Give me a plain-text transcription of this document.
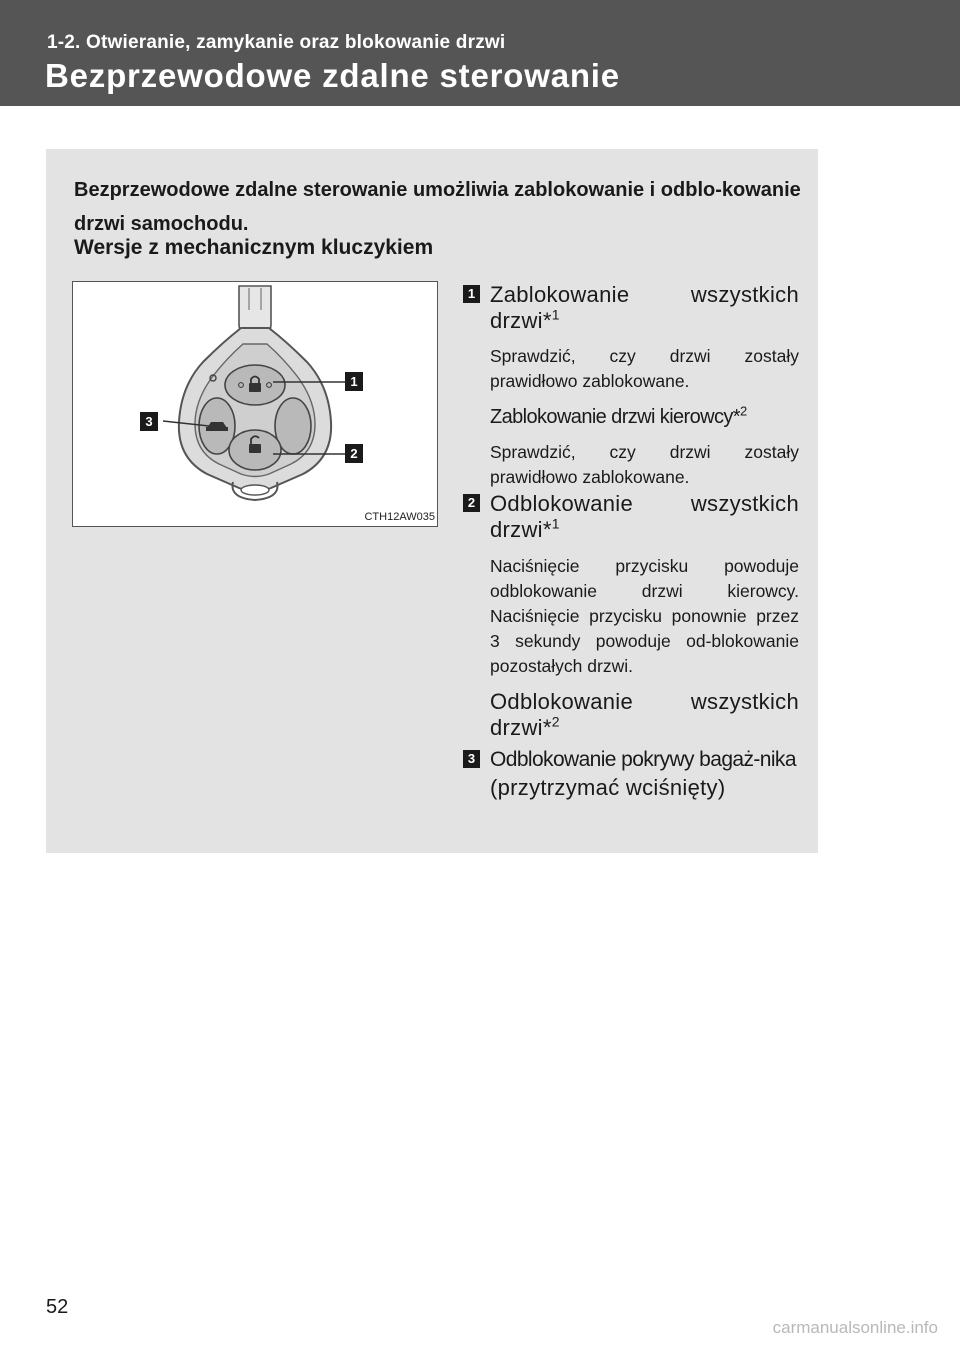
1-2. Otwieranie, zamykanie oraz blokowanie drzwi
Bezprzewodowe zdalne sterowanie
Bezprzewodowe zdalne sterowanie umożliwia zablokowanie i odblo-kowanie drzwi samochodu.
Wersje z mechanicznym kluczykiem
1
3
2
CTH12AW035
1 Zablokowanie wszystkich drzwi*$^1$
Sprawdzić, czy drzwi zostały prawidłowo zablokowane.
Zablokowanie drzwi kierowcy*$^2$
Sprawdzić, czy drzwi zostały prawidłowo zablokowane.
2 Odblokowanie wszystkich drzwi*$^1$
Naciśnięcie przycisku powoduje odblokowanie drzwi kierowcy. Naciśnięcie przycisku ponownie przez 3 sekundy powoduje od-blokowanie pozostałych drzwi.
Odblokowanie wszystkich drzwi*$^2$
3 Odblokowanie pokrywy bagaż-nika
(przytrzymać wciśnięty)
52
carmanualsonline.info
